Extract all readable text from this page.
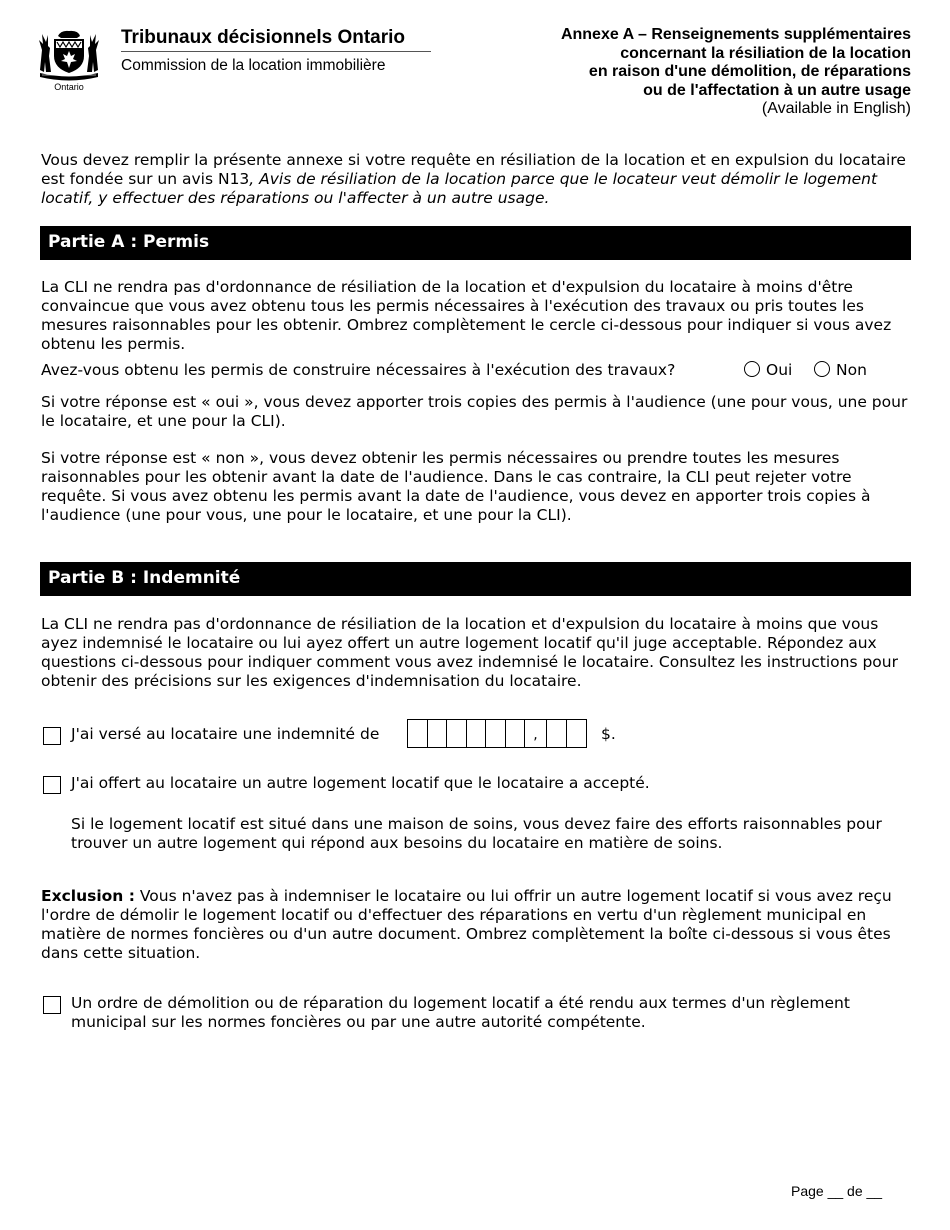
Ontario
Tribunaux décisionnels Ontario
Commission de la location immobilière
Annexe A – Renseignements supplémentaires
concernant la résiliation de la location
en raison d'une démolition, de réparations
ou de l'affectation à un autre usage
(Available in English)

Vous devez remplir la présente annexe si votre requête en résiliation de la location et en expulsion du locataire est fondée sur un avis N13, Avis de résiliation de la location parce que le locateur veut démolir le logement locatif, y effectuer des réparations ou l'affecter à un autre usage.

Partie A : Permis

La CLI ne rendra pas d'ordonnance de résiliation de la location et d'expulsion du locataire à moins d'être convaincue que vous avez obtenu tous les permis nécessaires à l'exécution des travaux ou pris toutes les mesures raisonnables pour les obtenir. Ombrez complètement le cercle ci-dessous pour indiquer si vous avez obtenu les permis.

Avez-vous obtenu les permis de construire nécessaires à l'exécution des travaux?	Oui	Non

Si votre réponse est « oui », vous devez apporter trois copies des permis à l'audience (une pour vous, une pour le locataire, et une pour la CLI).

Si votre réponse est « non », vous devez obtenir les permis nécessaires ou prendre toutes les mesures raisonnables pour les obtenir avant la date de l'audience. Dans le cas contraire, la CLI peut rejeter votre requête. Si vous avez obtenu les permis avant la date de l'audience, vous devez en apporter trois copies à l'audience (une pour vous, une pour le locataire, et une pour la CLI).

Partie B : Indemnité

La CLI ne rendra pas d'ordonnance de résiliation de la location et d'expulsion du locataire à moins que vous ayez indemnisé le locataire ou lui ayez offert un autre logement locatif qu'il juge acceptable. Répondez aux questions ci-dessous pour indiquer comment vous avez indemnisé le locataire. Consultez les instructions pour obtenir des précisions sur les exigences d'indemnisation du locataire.

J'ai versé au locataire une indemnité de	,	$.
J'ai offert au locataire un autre logement locatif que le locataire a accepté.

Si le logement locatif est situé dans une maison de soins, vous devez faire des efforts raisonnables pour trouver un autre logement qui répond aux besoins du locataire en matière de soins.

Exclusion : Vous n'avez pas à indemniser le locataire ou lui offrir un autre logement locatif si vous avez reçu l'ordre de démolir le logement locatif ou d'effectuer des réparations en vertu d'un règlement municipal en matière de normes foncières ou d'un autre document. Ombrez complètement la boîte ci-dessous si vous êtes dans cette situation.

Un ordre de démolition ou de réparation du logement locatif a été rendu aux termes d'un règlement municipal sur les normes foncières ou par une autre autorité compétente.

Page __ de __
